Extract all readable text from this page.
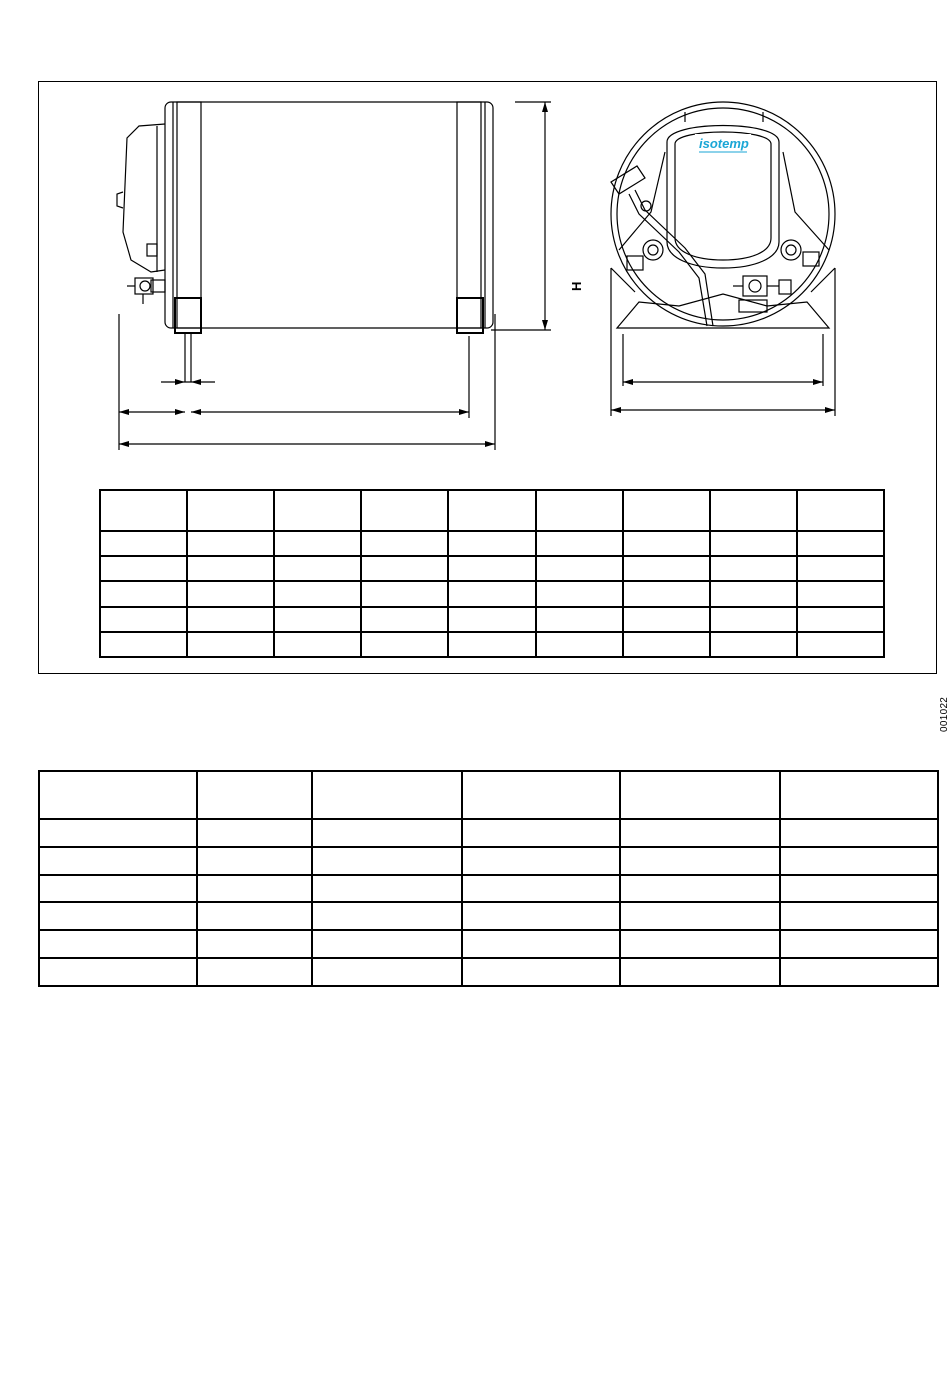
isotemp

H
001022
